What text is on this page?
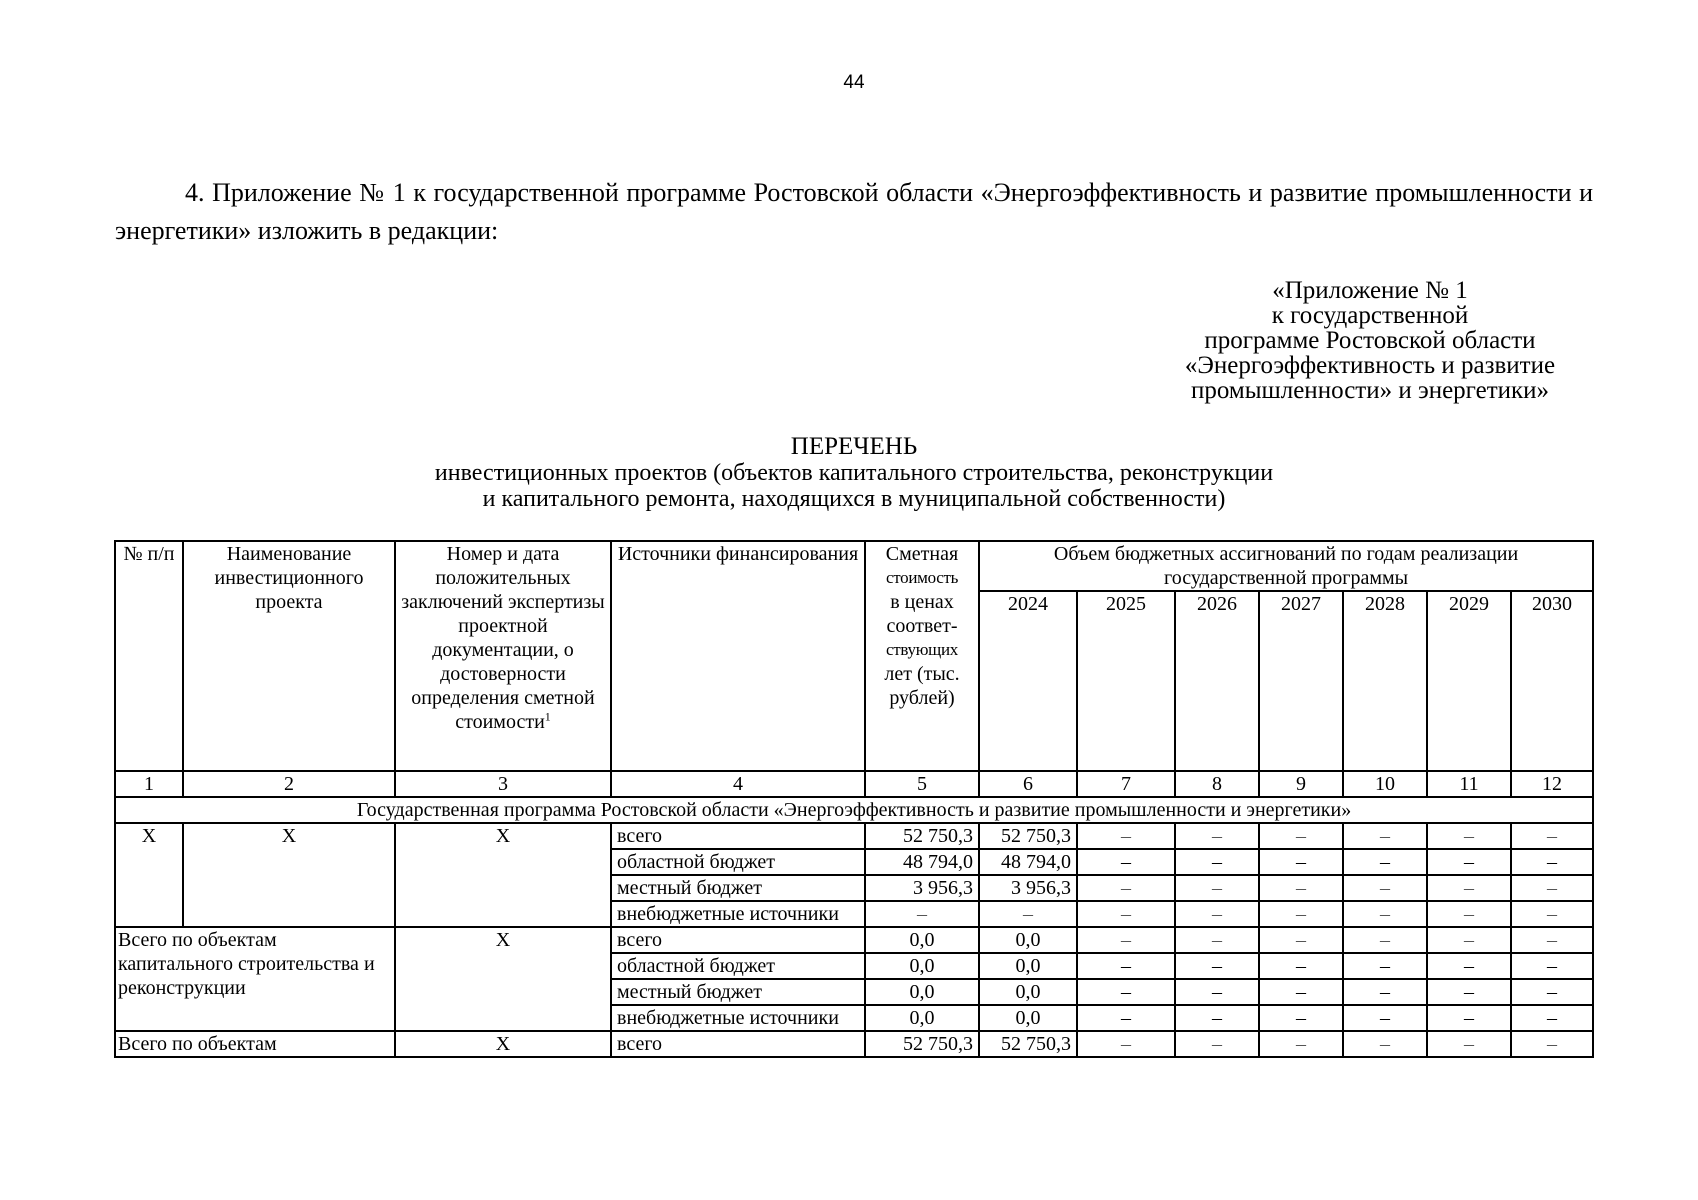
44
4. Приложение № 1 к государственной программе Ростовской области «Энергоэффективность и развитие промышленности и энергетики» изложить в редакции:
«Приложение № 1
к государственной
программе Ростовской области
«Энергоэффективность и развитие
промышленности» и энергетики»
ПЕРЕЧЕНЬ
инвестиционных проектов (объектов капитального строительства, реконструкции
и капитального ремонта, находящихся в муниципальной собственности)
№ п/п	Наименование инвестиционного проекта	Номер и дата положительных заключений экспертизы проектной документации, о достоверности определения сметной стоимости$^1$	Источники финансирования	Сметная
стоимость
в ценах соответ-
ствующих
лет (тыс. рублей)	Объем бюджетных ассигнований по годам реализации государственной программы						
					2024	2025	2026	2027	2028	2029	2030
1	2	3	4	5	6	7	8	9	10	11	12
Государственная программа Ростовской области «Энергоэффективность и развитие промышленности и энергетики»											
Х	Х	Х	всего	52 750,3	52 750,3	–	–	–	–	–	–
			областной бюджет	48 794,0	48 794,0	–	–	–	–	–	–
			местный бюджет	3 956,3	3 956,3	–	–	–	–	–	–
			внебюджетные источники	–	–	–	–	–	–	–	–
Всего по объектам капитального строительства и реконструкции		Х	всего	0,0	0,0	–	–	–	–	–	–
			областной бюджет	0,0	0,0	–	–	–	–	–	–
			местный бюджет	0,0	0,0	–	–	–	–	–	–
			внебюджетные источники	0,0	0,0	–	–	–	–	–	–
Всего по объектам		Х	всего	52 750,3	52 750,3	–	–	–	–	–	–
